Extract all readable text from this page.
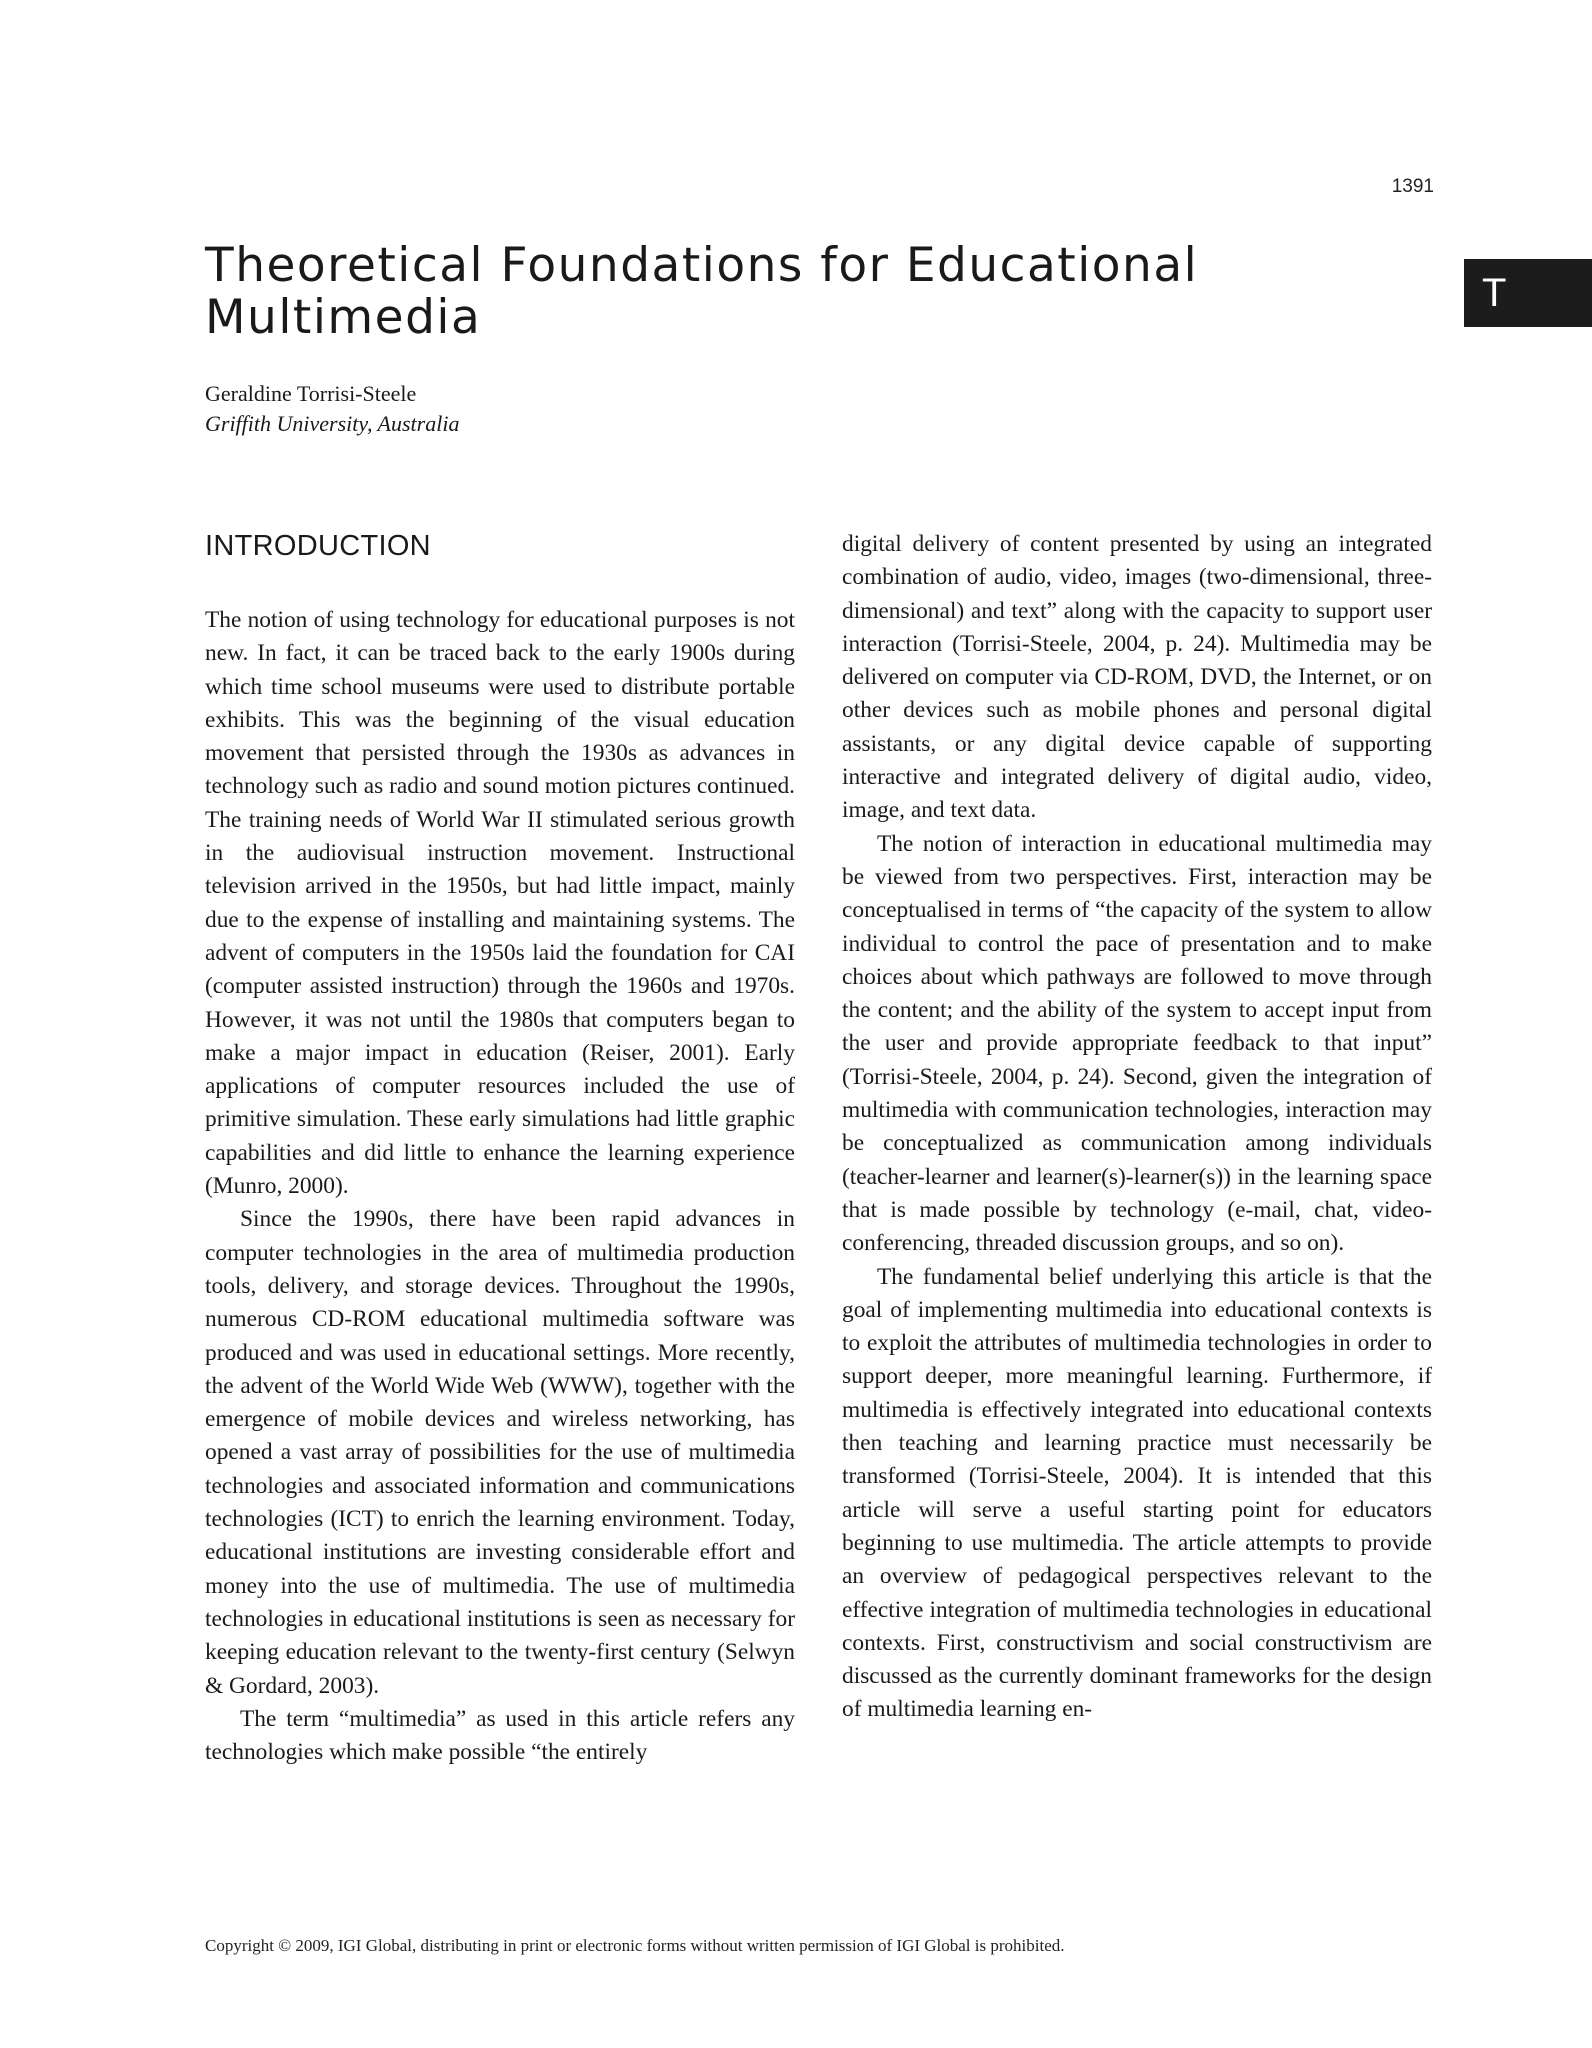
1391
T
Theoretical Foundations for Educational Multimedia
Geraldine Torrisi-Steele
Griffith University, Australia
INTRODUCTION

The notion of using technology for educational purposes is not new. In fact, it can be traced back to the early 1900s during which time school museums were used to distribute portable exhibits. This was the beginning of the visual education movement that persisted through the 1930s as advances in technology such as radio and sound motion pictures continued. The training needs of World War II stimulated serious growth in the audiovisual instruction movement. Instructional television arrived in the 1950s, but had little impact, mainly due to the expense of installing and maintaining systems. The advent of computers in the 1950s laid the foundation for CAI (computer assisted instruction) through the 1960s and 1970s. However, it was not until the 1980s that computers began to make a major impact in education (Reiser, 2001). Early applications of computer resources included the use of primitive simulation. These early simulations had little graphic capabilities and did little to enhance the learning experience (Munro, 2000).

Since the 1990s, there have been rapid advances in computer technologies in the area of multimedia production tools, delivery, and storage devices. Throughout the 1990s, numerous CD-ROM educational multimedia software was produced and was used in educational settings. More recently, the advent of the World Wide Web (WWW), together with the emergence of mobile devices and wireless networking, has opened a vast array of possibilities for the use of multimedia technologies and associated information and communications technologies (ICT) to enrich the learning environment. Today, educational institutions are investing considerable effort and money into the use of multimedia. The use of multimedia technologies in educational institutions is seen as necessary for keeping education relevant to the twenty-first century (Selwyn & Gordard, 2003).

The term “multimedia” as used in this article refers any technologies which make possible “the entirely

digital delivery of content presented by using an integrated combination of audio, video, images (two-dimensional, three-dimensional) and text” along with the capacity to support user interaction (Torrisi-Steele, 2004, p. 24). Multimedia may be delivered on computer via CD-ROM, DVD, the Internet, or on other devices such as mobile phones and personal digital assistants, or any digital device capable of supporting interactive and integrated delivery of digital audio, video, image, and text data.

The notion of interaction in educational multimedia may be viewed from two perspectives. First, interaction may be conceptualised in terms of “the capacity of the system to allow individual to control the pace of presentation and to make choices about which pathways are followed to move through the content; and the ability of the system to accept input from the user and provide appropriate feedback to that input” (Torrisi-Steele, 2004, p. 24). Second, given the integration of multimedia with communication technologies, interaction may be conceptualized as communication among individuals (teacher-learner and learner(s)-learner(s)) in the learning space that is made possible by technology (e-mail, chat, video-conferencing, threaded discussion groups, and so on).

The fundamental belief underlying this article is that the goal of implementing multimedia into educational contexts is to exploit the attributes of multimedia technologies in order to support deeper, more meaningful learning. Furthermore, if multimedia is effectively integrated into educational contexts then teaching and learning practice must necessarily be transformed (Torrisi-Steele, 2004). It is intended that this article will serve a useful starting point for educators beginning to use multimedia. The article attempts to provide an overview of pedagogical perspectives relevant to the effective integration of multimedia technologies in educational contexts. First, constructivism and social constructivism are discussed as the currently dominant frameworks for the design of multimedia learning en-

Copyright © 2009, IGI Global, distributing in print or electronic forms without written permission of IGI Global is prohibited.
